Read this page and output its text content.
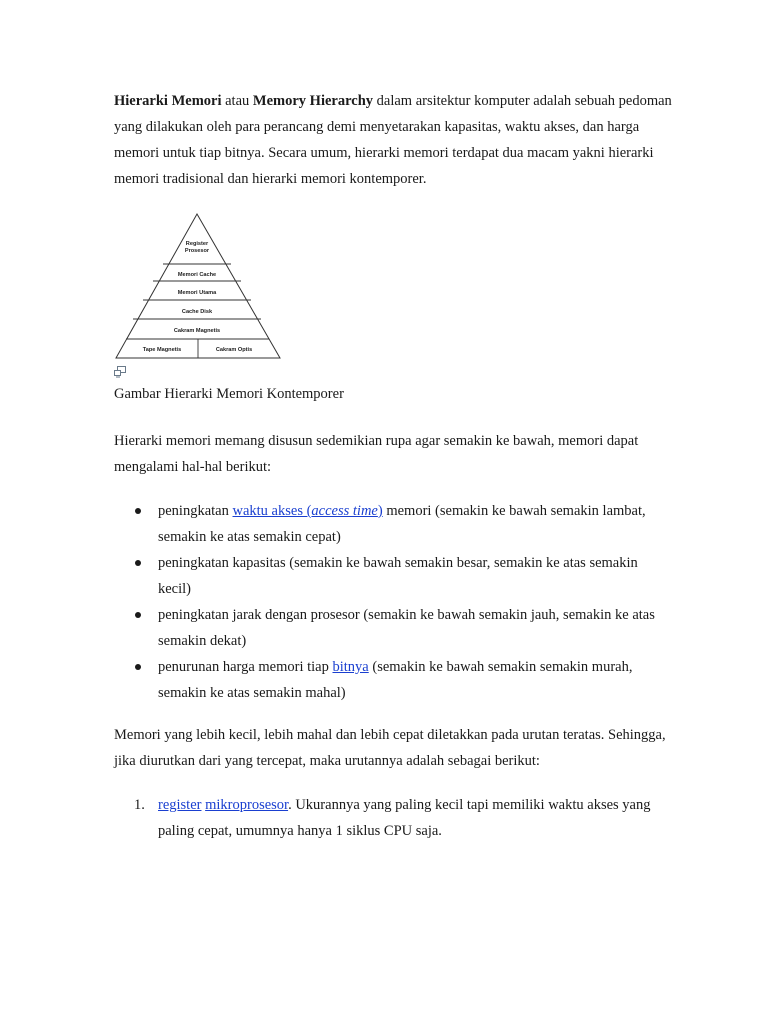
Hierarki Memori atau Memory Hierarchy dalam arsitektur komputer adalah sebuah pedoman yang dilakukan oleh para perancang demi menyetarakan kapasitas, waktu akses, dan harga memori untuk tiap bitnya. Secara umum, hierarki memori terdapat dua macam yakni hierarki memori tradisional dan hierarki memori kontemporer.

Register
Prosesor
Memori Cache
Memori Utama
Cache Disk
Cakram Magnetis
Tape Magnetis	Cakram Optis
Gambar Hierarki Memori Kontemporer

Hierarki memori memang disusun sedemikian rupa agar semakin ke bawah, memori dapat mengalami hal-hal berikut:

peningkatan waktu akses (access time) memori (semakin ke bawah semakin lambat, semakin ke atas semakin cepat)
peningkatan kapasitas (semakin ke bawah semakin besar, semakin ke atas semakin kecil)
peningkatan jarak dengan prosesor (semakin ke bawah semakin jauh, semakin ke atas semakin dekat)
penurunan harga memori tiap bitnya (semakin ke bawah semakin semakin murah, semakin ke atas semakin mahal)

Memori yang lebih kecil, lebih mahal dan lebih cepat diletakkan pada urutan teratas. Sehingga, jika diurutkan dari yang tercepat, maka urutannya adalah sebagai berikut:

1. register mikroprosesor. Ukurannya yang paling kecil tapi memiliki waktu akses yang paling cepat, umumnya hanya 1 siklus CPU saja.
